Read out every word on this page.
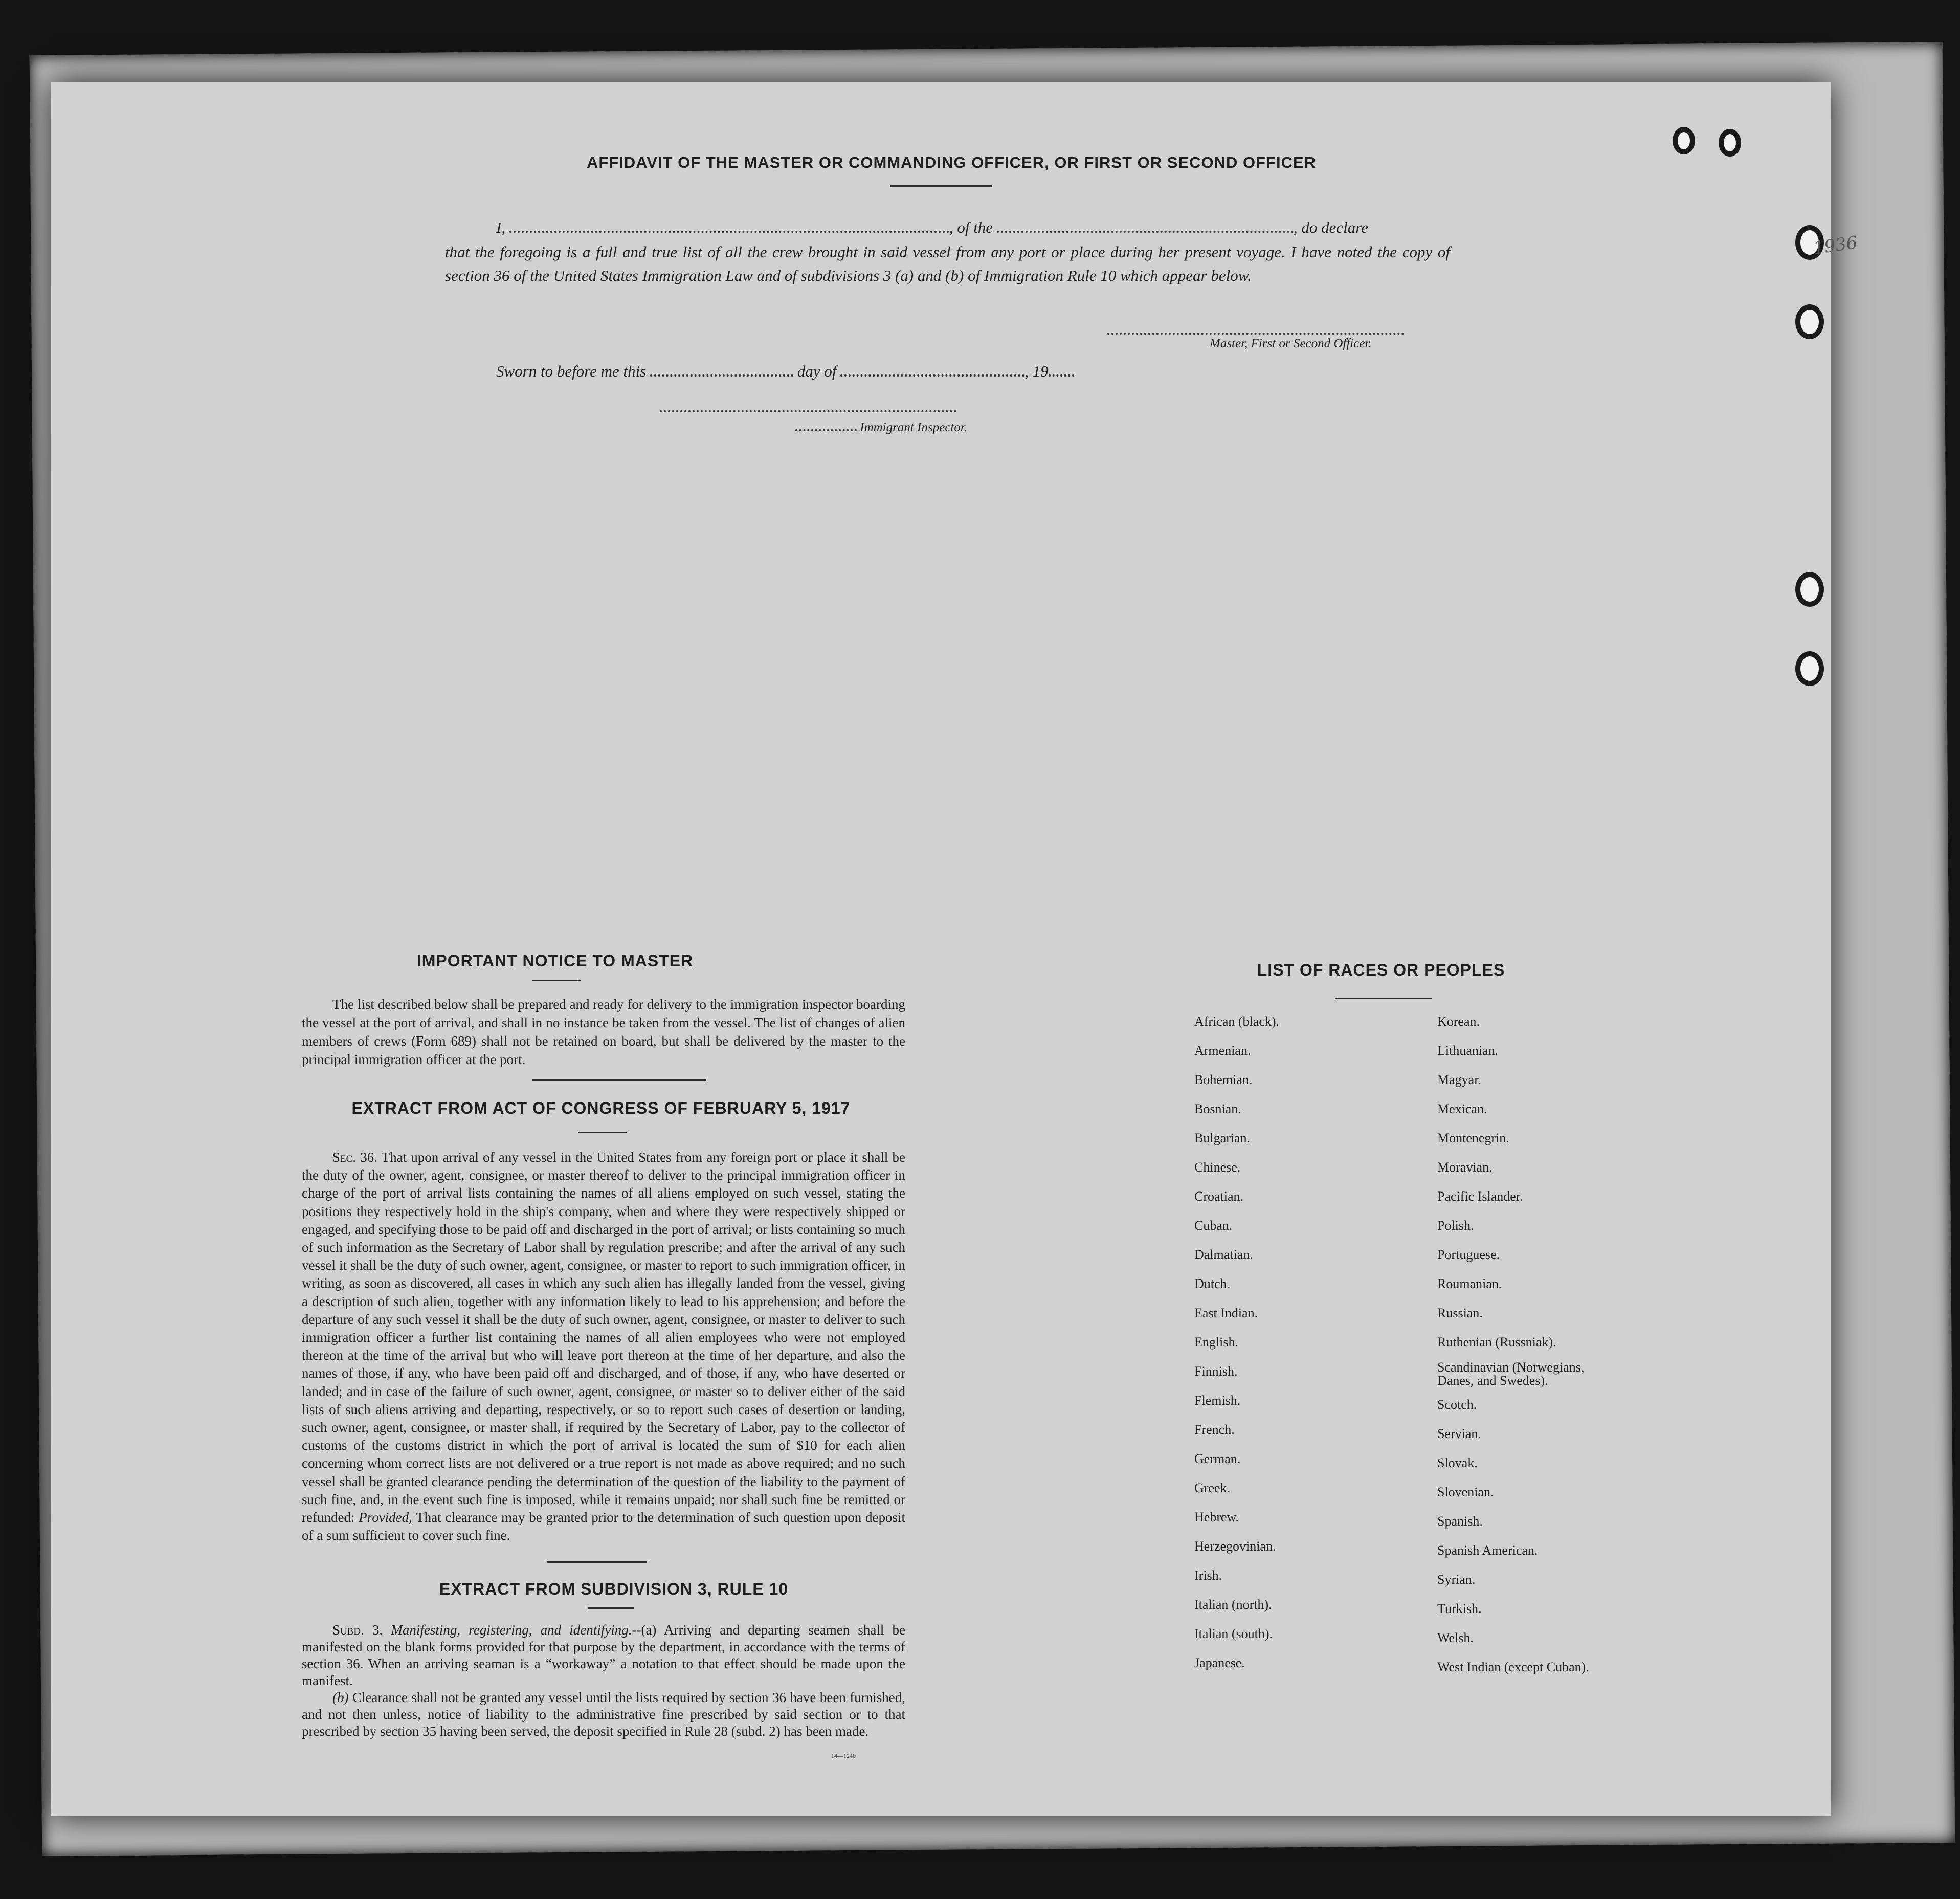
AFFIDAVIT OF THE MASTER OR COMMANDING OFFICER, OR FIRST OR SECOND OFFICER
I,	, of the	, do declare
that the foregoing is a full and true list of all the crew brought in said vessel from any port or place during her present voyage. I have noted the copy of section 36 of the United States Immigration Law and of subdivisions 3 (a) and (b) of Immigration Rule 10 which appear below.
Master, First or Second Officer.
Sworn to before me this	day of	, 19
Immigrant Inspector.
IMPORTANT NOTICE TO MASTER
The list described below shall be prepared and ready for delivery to the immigration inspector boarding the vessel at the port of arrival, and shall in no instance be taken from the vessel. The list of changes of alien members of crews (Form 689) shall not be retained on board, but shall be delivered by the master to the principal immigration officer at the port.
EXTRACT FROM ACT OF CONGRESS OF FEBRUARY 5, 1917
Sec. 36. That upon arrival of any vessel in the United States from any foreign port or place it shall be the duty of the owner, agent, consignee, or master thereof to deliver to the principal immigration officer in charge of the port of arrival lists containing the names of all aliens employed on such vessel, stating the positions they respectively hold in the ship's company, when and where they were respectively shipped or engaged, and specifying those to be paid off and discharged in the port of arrival; or lists containing so much of such information as the Secretary of Labor shall by regulation prescribe; and after the arrival of any such vessel it shall be the duty of such owner, agent, consignee, or master to report to such immigration officer, in writing, as soon as discovered, all cases in which any such alien has illegally landed from the vessel, giving a description of such alien, together with any information likely to lead to his apprehension; and before the departure of any such vessel it shall be the duty of such owner, agent, consignee, or master to deliver to such immigration officer a further list containing the names of all alien employees who were not employed thereon at the time of the arrival but who will leave port thereon at the time of her departure, and also the names of those, if any, who have been paid off and discharged, and of those, if any, who have deserted or landed; and in case of the failure of such owner, agent, consignee, or master so to deliver either of the said lists of such aliens arriving and departing, respectively, or so to report such cases of desertion or landing, such owner, agent, consignee, or master shall, if required by the Secretary of Labor, pay to the collector of customs of the customs district in which the port of arrival is located the sum of $10 for each alien concerning whom correct lists are not delivered or a true report is not made as above required; and no such vessel shall be granted clearance pending the determination of the question of the liability to the payment of such fine, and, in the event such fine is imposed, while it remains unpaid; nor shall such fine be remitted or refunded: Provided, That clearance may be granted prior to the determination of such question upon deposit of a sum sufficient to cover such fine.
EXTRACT FROM SUBDIVISION 3, RULE 10
Subd. 3. Manifesting, registering, and identifying.--(a) Arriving and departing seamen shall be manifested on the blank forms provided for that purpose by the department, in accordance with the terms of section 36. When an arriving seaman is a “workaway” a notation to that effect should be made upon the manifest.
(b) Clearance shall not be granted any vessel until the lists required by section 36 have been furnished, and not then unless, notice of liability to the administrative fine prescribed by said section or to that prescribed by section 35 having been served, the deposit specified in Rule 28 (subd. 2) has been made.
14—1240
LIST OF RACES OR PEOPLES
1936
African (black).
Armenian.
Bohemian.
Bosnian.
Bulgarian.
Chinese.
Croatian.
Cuban.
Dalmatian.
Dutch.
East Indian.
English.
Finnish.
Flemish.
French.
German.
Greek.
Hebrew.
Herzegovinian.
Irish.
Italian (north).
Italian (south).
Japanese.
Korean.
Lithuanian.
Magyar.
Mexican.
Montenegrin.
Moravian.
Pacific Islander.
Polish.
Portuguese.
Roumanian.
Russian.
Ruthenian (Russniak).
Scandinavian (Norwegians, Danes, and Swedes).
Scotch.
Servian.
Slovak.
Slovenian.
Spanish.
Spanish American.
Syrian.
Turkish.
Welsh.
West Indian (except Cuban).
